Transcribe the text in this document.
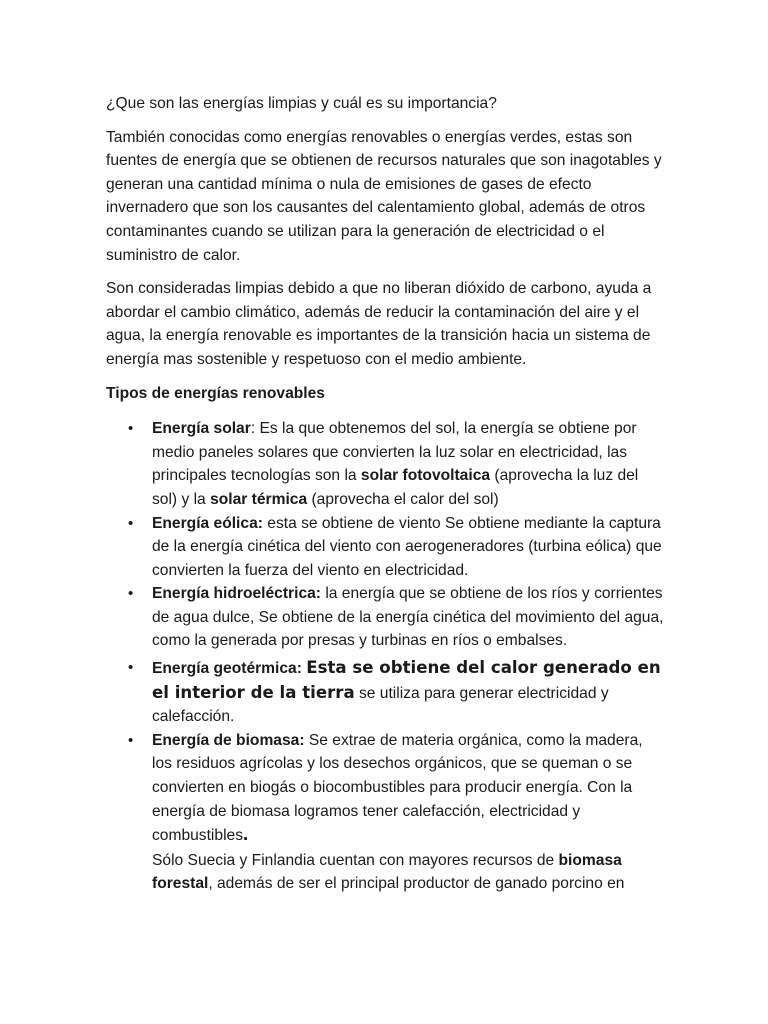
¿Que son las energías limpias y cuál es su importancia?

También conocidas como energías renovables o energías verdes, estas son fuentes de energía que se obtienen de recursos naturales que son inagotables y generan una cantidad mínima o nula de emisiones de gases de efecto invernadero que son los causantes del calentamiento global, además de otros contaminantes cuando se utilizan para la generación de electricidad o el suministro de calor.

Son consideradas limpias debido a que no liberan dióxido de carbono, ayuda a abordar el cambio climático, además de reducir la contaminación del aire y el agua, la energía renovable es importantes de la transición hacia un sistema de energía mas sostenible y respetuoso con el medio ambiente.

Tipos de energías renovables

• Energía solar: Es la que obtenemos del sol, la energía se obtiene por medio paneles solares que convierten la luz solar en electricidad, las principales tecnologías son la solar fotovoltaica (aprovecha la luz del sol) y la solar térmica (aprovecha el calor del sol)
• Energía eólica: esta se obtiene de viento Se obtiene mediante la captura de la energía cinética del viento con aerogeneradores (turbina eólica) que convierten la fuerza del viento en electricidad.
• Energía hidroeléctrica: la energía que se obtiene de los ríos y corrientes de agua dulce, Se obtiene de la energía cinética del movimiento del agua, como la generada por presas y turbinas en ríos o embalses.
• Energía geotérmica: Esta se obtiene del calor generado en el interior de la tierra se utiliza para generar electricidad y calefacción.
• Energía de biomasa: Se extrae de materia orgánica, como la madera, los residuos agrícolas y los desechos orgánicos, que se queman o se convierten en biogás o biocombustibles para producir energía. Con la energía de biomasa logramos tener calefacción, electricidad y combustibles.
Sólo Suecia y Finlandia cuentan con mayores recursos de biomasa forestal, además de ser el principal productor de ganado porcino en
